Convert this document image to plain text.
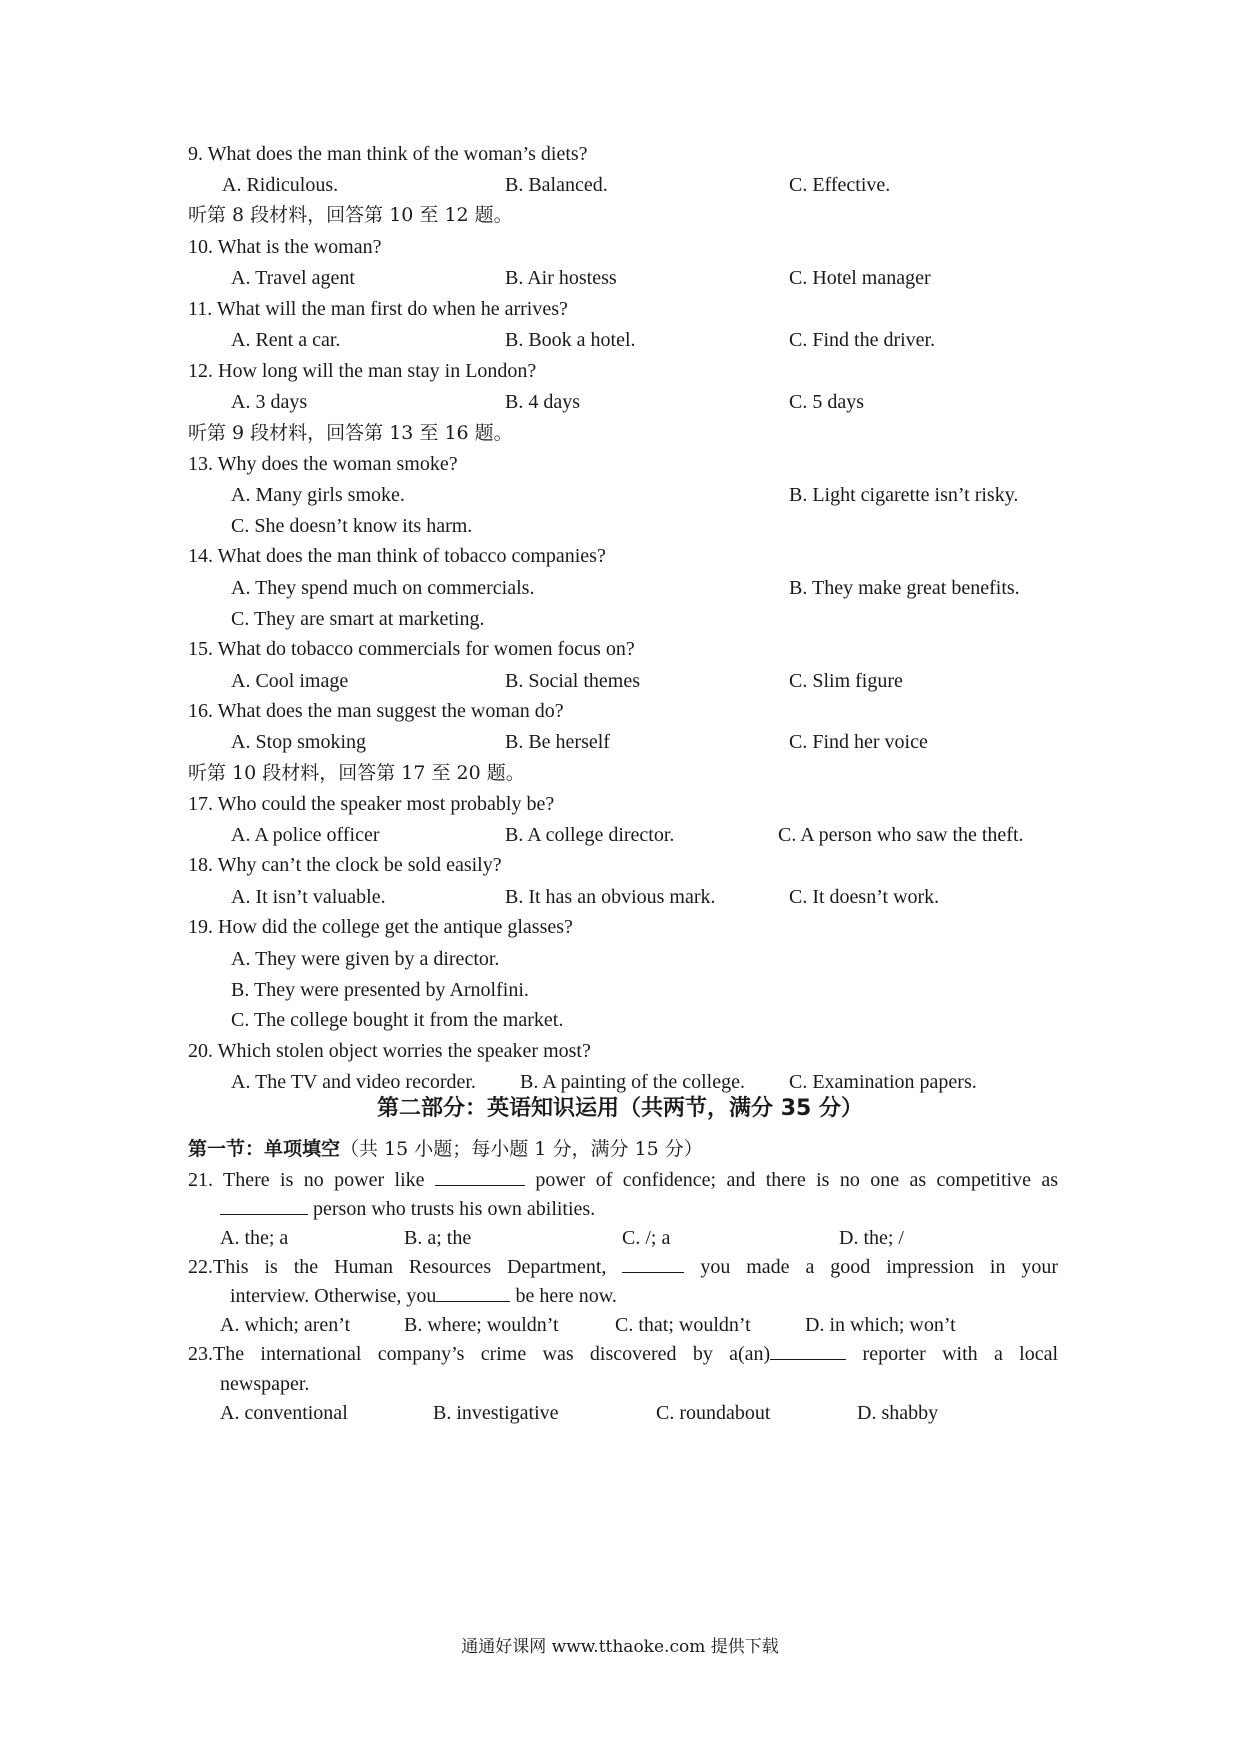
9. What does the man think of the woman’s diets?
A. Ridiculous.	B. Balanced.	C. Effective.
听第 8 段材料，回答第 10 至 12 题。
10. What is the woman?
A. Travel agent	B. Air hostess	C. Hotel manager
11. What will the man first do when he arrives?
A. Rent a car.	B. Book a hotel.	C. Find the driver.
12. How long will the man stay in London?
A. 3 days	B. 4 days	C. 5 days
听第 9 段材料，回答第 13 至 16 题。
13. Why does the woman smoke?
A. Many girls smoke.	B. Light cigarette isn’t risky.
C. She doesn’t know its harm.
14. What does the man think of tobacco companies?
A. They spend much on commercials.	B. They make great benefits.
C. They are smart at marketing.
15. What do tobacco commercials for women focus on?
A. Cool image	B. Social themes	C. Slim figure
16. What does the man suggest the woman do?
A. Stop smoking	B. Be herself	C. Find her voice
听第 10 段材料，回答第 17 至 20 题。
17. Who could the speaker most probably be?
A. A police officer	B. A college director.	C. A person who saw the theft.
18. Why can’t the clock be sold easily?
A. It isn’t valuable.	B. It has an obvious mark.	C. It doesn’t work.
19. How did the college get the antique glasses?
A. They were given by a director.
B. They were presented by Arnolfini.
C. The college bought it from the market.
20. Which stolen object worries the speaker most?
A. The TV and video recorder. B. A painting of the college. C. Examination papers.
第二部分：英语知识运用（共两节，满分 35 分）
第一节：单项填空（共 15 小题；每小题 1 分，满分 15 分）
21. There is no power like	power of confidence; and there is no one as competitive as
person who trusts his own abilities.
A. the; a	B. a; the	C. /; a	D. the; /
22.This is the Human Resources Department,	you made a good impression in your
interview. Otherwise, you	be here now.
A. which; aren’t	B. where; wouldn’t	C. that; wouldn’t	D. in which; won’t
23.The international company’s crime was discovered by a(an)	reporter with a local
newspaper.
A. conventional	B. investigative	C. roundabout	D. shabby
通通好课网 www.tthaoke.com 提供下载
